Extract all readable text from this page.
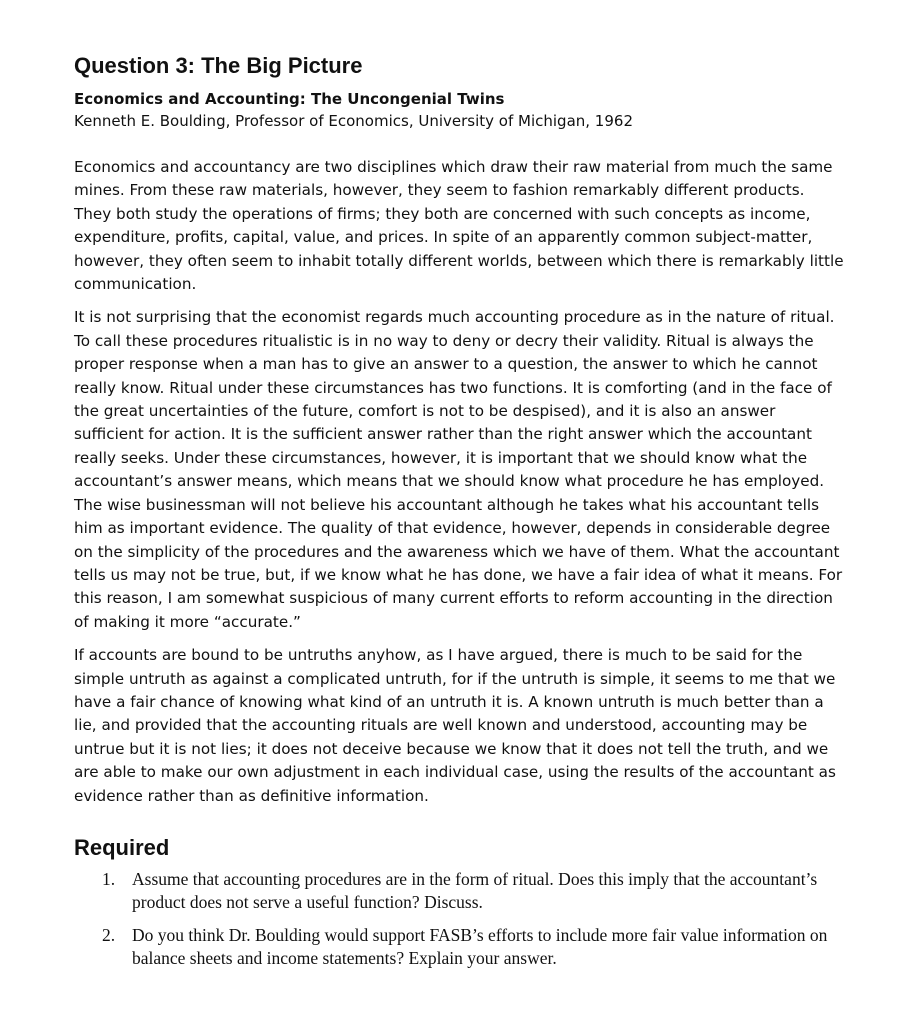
Question 3: The Big Picture

Economics and Accounting: The Uncongenial Twins

Kenneth E. Boulding, Professor of Economics, University of Michigan, 1962

Economics and accountancy are two disciplines which draw their raw material from much the same mines. From these raw materials, however, they seem to fashion remarkably different products. They both study the operations of firms; they both are concerned with such concepts as income, expenditure, profits, capital, value, and prices. In spite of an apparently common subject-matter, however, they often seem to inhabit totally different worlds, between which there is remarkably little communication.

It is not surprising that the economist regards much accounting procedure as in the nature of ritual. To call these procedures ritualistic is in no way to deny or decry their validity. Ritual is always the proper response when a man has to give an answer to a question, the answer to which he cannot really know. Ritual under these circumstances has two functions. It is comforting (and in the face of the great uncertainties of the future, comfort is not to be despised), and it is also an answer sufficient for action. It is the sufficient answer rather than the right answer which the accountant really seeks. Under these circumstances, however, it is important that we should know what the accountant’s answer means, which means that we should know what procedure he has employed. The wise businessman will not believe his accountant although he takes what his accountant tells him as important evidence. The quality of that evidence, however, depends in considerable degree on the simplicity of the procedures and the awareness which we have of them. What the accountant tells us may not be true, but, if we know what he has done, we have a fair idea of what it means. For this reason, I am somewhat suspicious of many current efforts to reform accounting in the direction of making it more “accurate.”

If accounts are bound to be untruths anyhow, as I have argued, there is much to be said for the simple untruth as against a complicated untruth, for if the untruth is simple, it seems to me that we have a fair chance of knowing what kind of an untruth it is. A known untruth is much better than a lie, and provided that the accounting rituals are well known and understood, accounting may be untrue but it is not lies; it does not deceive because we know that it does not tell the truth, and we are able to make our own adjustment in each individual case, using the results of the accountant as evidence rather than as definitive information.

Required
1. Assume that accounting procedures are in the form of ritual. Does this imply that the accountant’s product does not serve a useful function? Discuss.
2. Do you think Dr. Boulding would support FASB’s efforts to include more fair value information on balance sheets and income statements? Explain your answer.
